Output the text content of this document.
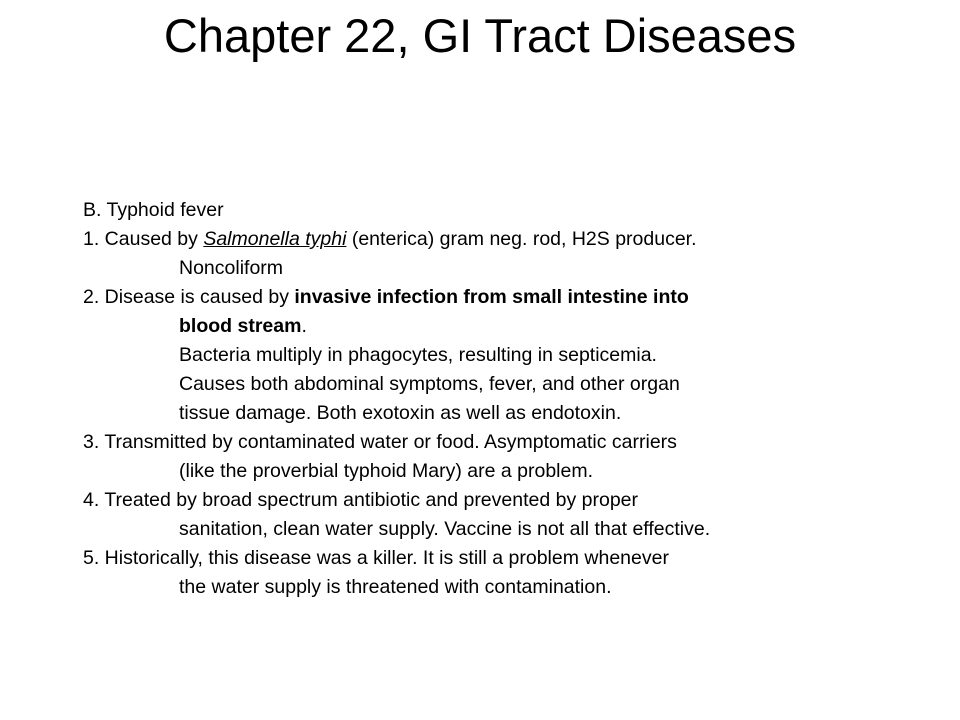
Chapter 22, GI Tract Diseases

B. Typhoid fever

1. Caused by Salmonella typhi (enterica) gram neg. rod, H2S producer.

Noncoliform

2. Disease is caused by invasive infection from small intestine into

blood stream.

Bacteria multiply in phagocytes, resulting in septicemia.

Causes both abdominal symptoms, fever, and other organ

tissue damage. Both exotoxin as well as endotoxin.

3. Transmitted by contaminated water or food. Asymptomatic carriers

(like the proverbial typhoid Mary) are a problem.

4. Treated by broad spectrum antibiotic and prevented by proper

sanitation, clean water supply. Vaccine is not all that effective.

5. Historically, this disease was a killer. It is still a problem whenever

the water supply is threatened with contamination.
